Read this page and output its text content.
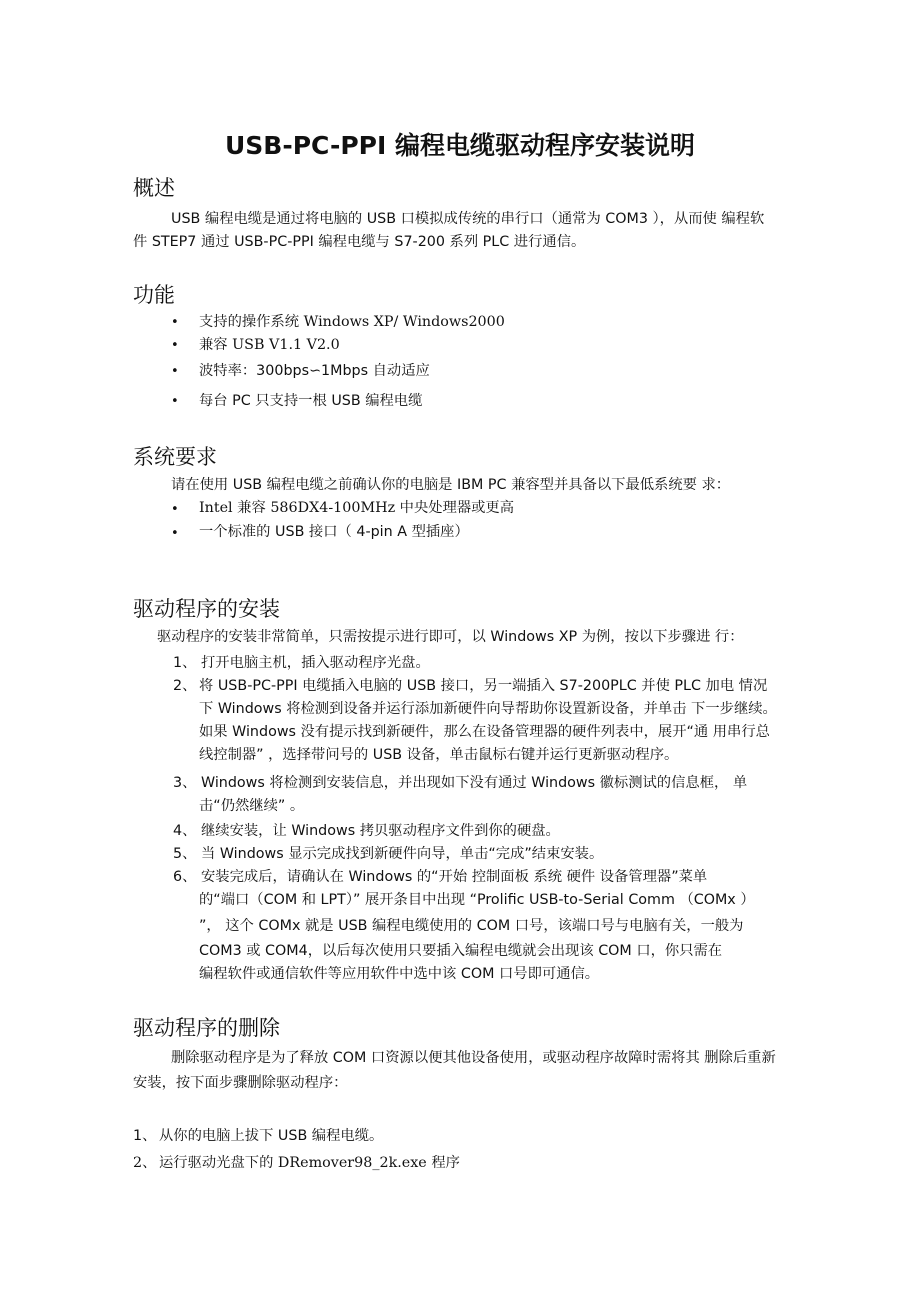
USB-PC-PPI 编程电缆驱动程序安装说明
概述
USB 编程电缆是通过将电脑的 USB 口模拟成传统的串行口（通常为 COM3 ），从而使 编程软
件 STEP7 通过 USB-PC-PPI 编程电缆与 S7-200 系列 PLC 进行通信。
功能
• 支持的操作系统 Windows XP/ Windows2000
• 兼容 USB V1.1 V2.0
• 波特率：300bps∽1Mbps 自动适应
• 每台 PC 只支持一根 USB 编程电缆
系统要求
请在使用 USB 编程电缆之前确认你的电脑是 IBM PC 兼容型并具备以下最低系统要 求：
• Intel 兼容 586DX4-100MHz 中央处理器或更高
• 一个标准的 USB 接口（ 4-pin A 型插座）
驱动程序的安装
驱动程序的安装非常简单，只需按提示进行即可，以 Windows XP 为例，按以下步骤进 行：
1、 打开电脑主机，插入驱动程序光盘。
2、 将 USB-PC-PPI 电缆插入电脑的 USB 接口，另一端插入 S7-200PLC 并使 PLC 加电 情况
下 Windows 将检测到设备并运行添加新硬件向导帮助你设置新设备，并单击 下一步继续。
如果 Windows 没有提示找到新硬件，那么在设备管理器的硬件列表中，展开“通 用串行总
线控制器” ，选择带问号的 USB 设备，单击鼠标右键并运行更新驱动程序。
3、 Windows 将检测到安装信息，并出现如下没有通过 Windows 徽标测试的信息框， 单
击“仍然继续” 。
4、 继续安装，让 Windows 拷贝驱动程序文件到你的硬盘。
5、 当 Windows 显示完成找到新硬件向导，单击“完成”结束安装。
6、 安装完成后，请确认在 Windows 的“开始 控制面板 系统 硬件 设备管理器”菜单
的“端口（COM 和 LPT）” 展开条目中出现 “Prolific USB-to-Serial Comm （COMx ）
”， 这个 COMx 就是 USB 编程电缆使用的 COM 口号，该端口号与电脑有关，一般为
COM3 或 COM4，以后每次使用只要插入编程电缆就会出现该 COM 口，你只需在
编程软件或通信软件等应用软件中选中该 COM 口号即可通信。
驱动程序的删除
删除驱动程序是为了释放 COM 口资源以便其他设备使用，或驱动程序故障时需将其 删除后重新
安装，按下面步骤删除驱动程序：
1、 从你的电脑上拔下 USB 编程电缆。
2、 运行驱动光盘下的 DRemover98_2k.exe 程序
